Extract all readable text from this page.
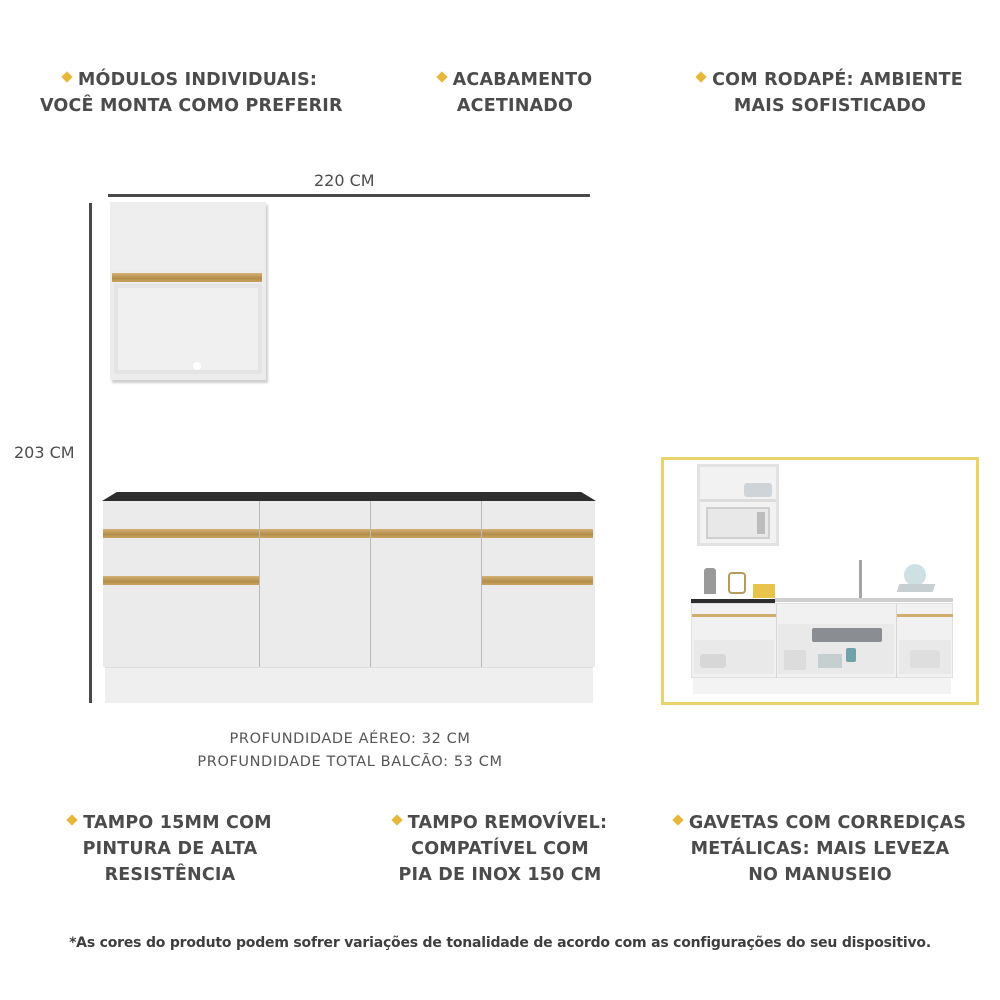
MÓDULOS INDIVIDUAIS:
VOCÊ MONTA COMO PREFERIR
ACABAMENTO
ACETINADO
COM RODAPÉ: AMBIENTE
MAIS SOFISTICADO
220 CM
203 CM
PROFUNDIDADE AÉREO: 32 CM
PROFUNDIDADE TOTAL BALCÃO: 53 CM
TAMPO 15MM COM
PINTURA DE ALTA
RESISTÊNCIA
TAMPO REMOVÍVEL:
COMPATÍVEL COM
PIA DE INOX 150 CM
GAVETAS COM CORREDIÇAS
METÁLICAS: MAIS LEVEZA
NO MANUSEIO
*As cores do produto podem sofrer variações de tonalidade de acordo com as configurações do seu dispositivo.
